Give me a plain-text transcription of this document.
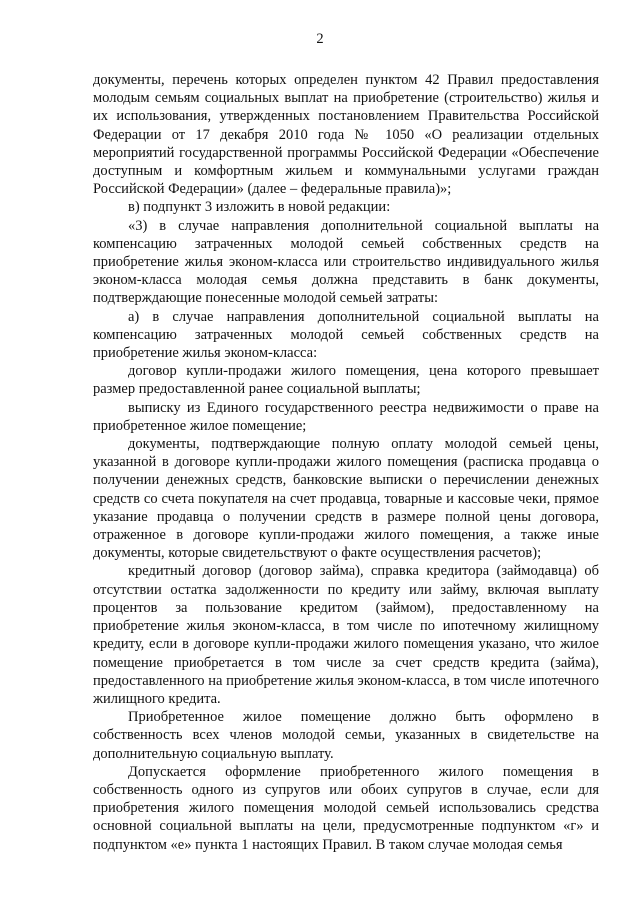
2

документы, перечень которых определен пунктом 42 Правил предоставления молодым семьям социальных выплат на приобретение (строительство) жилья и их использования, утвержденных постановлением Правительства Российской Федерации от 17 декабря 2010 года № 1050 «О реализации отдельных мероприятий государственной программы Российской Федерации «Обеспечение доступным и комфортным жильем и коммунальными услугами граждан Российской Федерации» (далее – федеральные правила)»;

в) подпункт 3 изложить в новой редакции:

«3) в случае направления дополнительной социальной выплаты на компенсацию затраченных молодой семьей собственных средств на приобретение жилья эконом-класса или строительство индивидуального жилья эконом-класса молодая семья должна представить в банк документы, подтверждающие понесенные молодой семьей затраты:

а) в случае направления дополнительной социальной выплаты на компенсацию затраченных молодой семьей собственных средств на приобретение жилья эконом-класса:

договор купли-продажи жилого помещения, цена которого превышает размер предоставленной ранее социальной выплаты;

выписку из Единого государственного реестра недвижимости о праве на приобретенное жилое помещение;

документы, подтверждающие полную оплату молодой семьей цены, указанной в договоре купли-продажи жилого помещения (расписка продавца о получении денежных средств, банковские выписки о перечислении денежных средств со счета покупателя на счет продавца, товарные и кассовые чеки, прямое указание продавца о получении средств в размере полной цены договора, отраженное в договоре купли-продажи жилого помещения, а также иные документы, которые свидетельствуют о факте осуществления расчетов);

кредитный договор (договор займа), справка кредитора (займодавца) об отсутствии остатка задолженности по кредиту или займу, включая выплату процентов за пользование кредитом (займом), предоставленному на приобретение жилья эконом-класса, в том числе по ипотечному жилищному кредиту, если в договоре купли-продажи жилого помещения указано, что жилое помещение приобретается в том числе за счет средств кредита (займа), предоставленного на приобретение жилья эконом-класса, в том числе ипотечного жилищного кредита.

Приобретенное жилое помещение должно быть оформлено в собственность всех членов молодой семьи, указанных в свидетельстве на дополнительную социальную выплату.

Допускается оформление приобретенного жилого помещения в собственность одного из супругов или обоих супругов в случае, если для приобретения жилого помещения молодой семьей использовались средства основной социальной выплаты на цели, предусмотренные подпунктом «г» и подпунктом «е» пункта 1 настоящих Правил. В таком случае молодая семья
